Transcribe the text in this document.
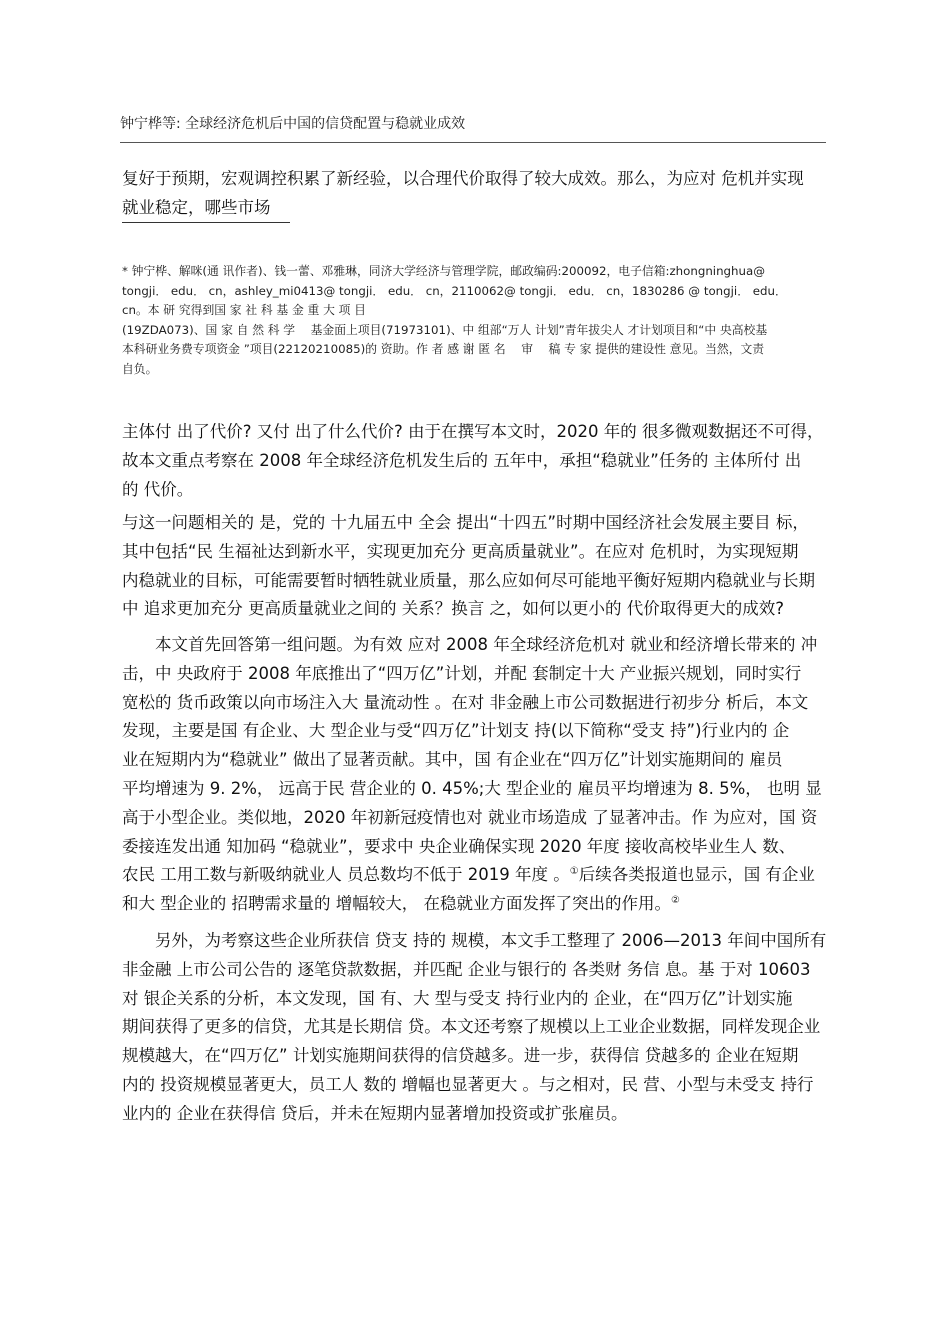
钟宁桦等: 全球经济危机后中国的信贷配置与稳就业成效
复好于预期，宏观调控积累了新经验，以合理代价取得了较大成效。那么，为应对 危机并实现
就业稳定，哪些市场
* 钟宁桦、解咪(通 讯作者)、钱一蕾、邓雅琳，同济大学经济与管理学院，邮政编码:200092，电子信箱:zhongninghua@
tongji． edu． cn，ashley_mi0413@ tongji． edu． cn，2110062@ tongji． edu． cn，1830286 @ tongji． edu．
cn。本 研 究得到国 家 社 科 基 金 重 大 项 目
(19ZDA073)、国 家 自 然 科 学　 基金面上项目(71973101)、中 组部“万人 计划”青年拔尖人 才计划项目和“中 央高校基
本科研业务费专项资金 ”项目(22120210085)的 资助。作 者 感 谢 匿 名　 审　 稿 专 家 提供的建设性 意见。当然，文责
自负。
主体付 出了代价? 又付 出了什么代价? 由于在撰写本文时，2020 年的 很多微观数据还不可得，
故本文重点考察在 2008 年全球经济危机发生后的 五年中，承担“稳就业”任务的 主体所付 出
的 代价。
与这一问题相关的 是，党的 十九届五中 全会 提出“十四五”时期中国经济社会发展主要目 标，
其中包括“民 生福祉达到新水平，实现更加充分 更高质量就业”。在应对 危机时，为实现短期
内稳就业的目标，可能需要暂时牺牲就业质量，那么应如何尽可能地平衡好短期内稳就业与长期
中 追求更加充分 更高质量就业之间的 关系？换言 之，如何以更小的 代价取得更大的成效?
本文首先回答第一组问题。为有效 应对 2008 年全球经济危机对 就业和经济增长带来的 冲
击，中 央政府于 2008 年底推出了“四万亿”计划，并配 套制定十大 产业振兴规划，同时实行
宽松的 货币政策以向市场注入大 量流动性 。在对 非金融上市公司数据进行初步分 析后，本文
发现，主要是国 有企业、大 型企业与受“四万亿”计划支 持(以下简称“受支 持”)行业内的 企
业在短期内为“稳就业” 做出了显著贡献。其中，国 有企业在“四万亿”计划实施期间的 雇员
平均增速为 9. 2%， 远高于民 营企业的 0. 45%;大 型企业的 雇员平均增速为 8. 5%， 也明 显
高于小型企业。类似地，2020 年初新冠疫情也对 就业市场造成 了显著冲击。作 为应对，国 资
委接连发出通 知加码 “稳就业”，要求中 央企业确保实现 2020 年度 接收高校毕业生人 数、
农民 工用工数与新吸纳就业人 员总数均不低于 2019 年度 。①后续各类报道也显示，国 有企业
和大 型企业的 招聘需求量的 增幅较大， 在稳就业方面发挥了突出的作用。②
另外，为考察这些企业所获信 贷支 持的 规模，本文手工整理了 2006—2013 年间中国所有
非金融 上市公司公告的 逐笔贷款数据，并匹配 企业与银行的 各类财 务信 息。基 于对 10603
对 银企关系的分析，本文发现，国 有、大 型与受支 持行业内的 企业，在“四万亿”计划实施
期间获得了更多的信贷，尤其是长期信 贷。本文还考察了规模以上工业企业数据，同样发现企业
规模越大，在“四万亿” 计划实施期间获得的信贷越多。进一步，获得信 贷越多的 企业在短期
内的 投资规模显著更大，员工人 数的 增幅也显著更大 。与之相对，民 营、小型与未受支 持行
业内的 企业在获得信 贷后，并未在短期内显著增加投资或扩张雇员。
